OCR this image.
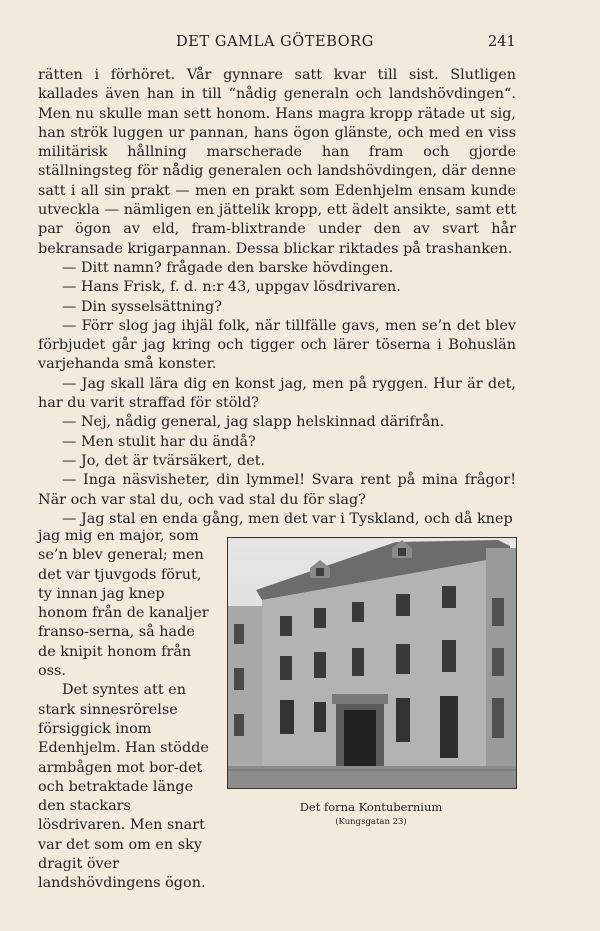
DET GAMLA GÖTEBORG	241

rätten i förhöret. Vår gynnare satt kvar till sist. Slutligen kallades även han in till “nådig generaln och landshövdingen“. Men nu skulle man sett honom. Hans magra kropp rätade ut sig, han strök luggen ur pannan, hans ögon glänste, och med en viss militärisk hållning marscherade han fram och gjorde ställningsteg för nådig generalen och landshövdingen, där denne satt i all sin prakt — men en prakt som Edenhjelm ensam kunde utveckla — nämligen en jättelik kropp, ett ädelt ansikte, samt ett par ögon av eld, fram-blixtrande under den av svart hår bekransade krigarpannan. Dessa blickar riktades på trashanken.

— Ditt namn? frågade den barske hövdingen.

— Hans Frisk, f. d. n:r 43, uppgav lösdrivaren.

— Din sysselsättning?

— Förr slog jag ihjäl folk, när tillfälle gavs, men se’n det blev förbjudet går jag kring och tigger och lärer töserna i Bohuslän varjehanda små konster.

— Jag skall lära dig en konst jag, men på ryggen. Hur är det, har du varit straffad för stöld?

— Nej, nådig general, jag slapp helskinnad därifrån.

— Men stulit har du ändå?

— Jo, det är tvärsäkert, det.

— Inga näsvisheter, din lymmel! Svara rent på mina frågor! När och var stal du, och vad stal du för slag?

— Jag stal en enda gång, men det var i Tyskland, och då knep

jag mig en major, som se’n blev general; men det var tjuvgods förut, ty innan jag knep honom från de kanaljer franso-serna, så hade de knipit honom från oss.

Det syntes att en stark sinnesrörelse försiggick inom Edenhjelm. Han stödde armbågen mot bor-det och betraktade länge den stackars lösdrivaren. Men snart var det som om en sky dragit över landshövdingens ögon.

Det forna Kontubernium
(Kungsgatan 23)
